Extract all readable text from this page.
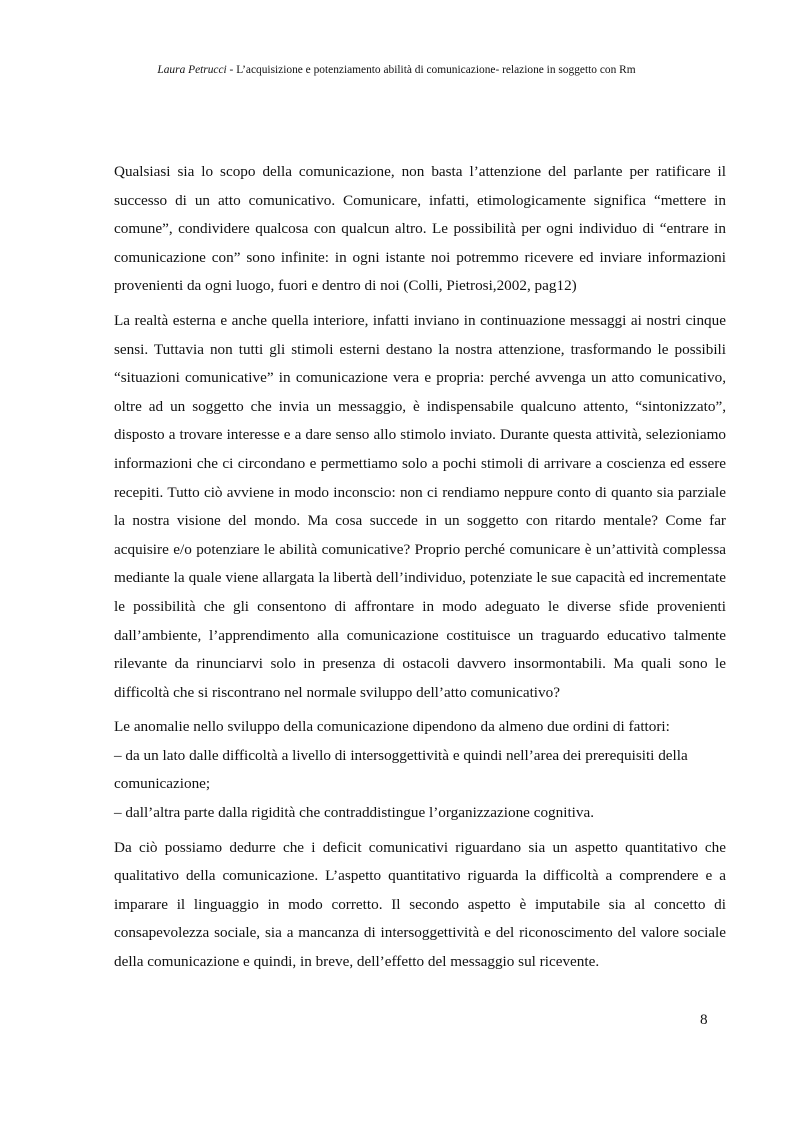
Laura Petrucci - L’acquisizione e potenziamento abilità di comunicazione- relazione in soggetto con Rm

Qualsiasi sia lo scopo della comunicazione, non basta l’attenzione del parlante per ratificare il successo di un atto comunicativo. Comunicare, infatti, etimologicamente significa “mettere in comune”, condividere qualcosa con qualcun altro. Le possibilità per ogni individuo di “entrare in comunicazione con” sono infinite: in ogni istante noi potremmo ricevere ed inviare informazioni provenienti da ogni luogo, fuori e dentro di noi (Colli, Pietrosi,2002, pag12)

La realtà esterna e anche quella interiore, infatti inviano in continuazione messaggi ai nostri cinque sensi. Tuttavia non tutti gli stimoli esterni destano la nostra attenzione, trasformando le possibili “situazioni comunicative” in comunicazione vera e propria: perché avvenga un atto comunicativo, oltre ad un soggetto che invia un messaggio, è indispensabile qualcuno attento, “sintonizzato”, disposto a trovare interesse e a dare senso allo stimolo inviato. Durante questa attività, selezioniamo informazioni che ci circondano e permettiamo solo a pochi stimoli di arrivare a coscienza ed essere recepiti. Tutto ciò avviene in modo inconscio: non ci rendiamo neppure conto di quanto sia parziale la nostra visione del mondo. Ma cosa succede in un soggetto con ritardo mentale? Come far acquisire e/o potenziare le abilità comunicative? Proprio perché comunicare è un’attività complessa mediante la quale viene allargata la libertà dell’individuo, potenziate le sue capacità ed incrementate le possibilità che gli consentono di affrontare in modo adeguato le diverse sfide provenienti dall’ambiente, l’apprendimento alla comunicazione costituisce un traguardo educativo talmente rilevante da rinunciarvi solo in presenza di ostacoli davvero insormontabili. Ma quali sono le difficoltà che si riscontrano nel normale sviluppo dell’atto comunicativo?

Le anomalie nello sviluppo della comunicazione dipendono da almeno due ordini di fattori:

– da un lato dalle difficoltà a livello di intersoggettività e quindi nell’area dei prerequisiti della comunicazione;
– dall’altra parte dalla rigidità che contraddistingue l’organizzazione cognitiva.

Da ciò possiamo dedurre che i deficit comunicativi riguardano sia un aspetto quantitativo che qualitativo della comunicazione. L’aspetto quantitativo riguarda la difficoltà a comprendere e a imparare il linguaggio in modo corretto. Il secondo aspetto è imputabile sia al concetto di consapevolezza sociale, sia a mancanza di intersoggettività e del riconoscimento del valore sociale della comunicazione e quindi, in breve, dell’effetto del messaggio sul ricevente.

8
